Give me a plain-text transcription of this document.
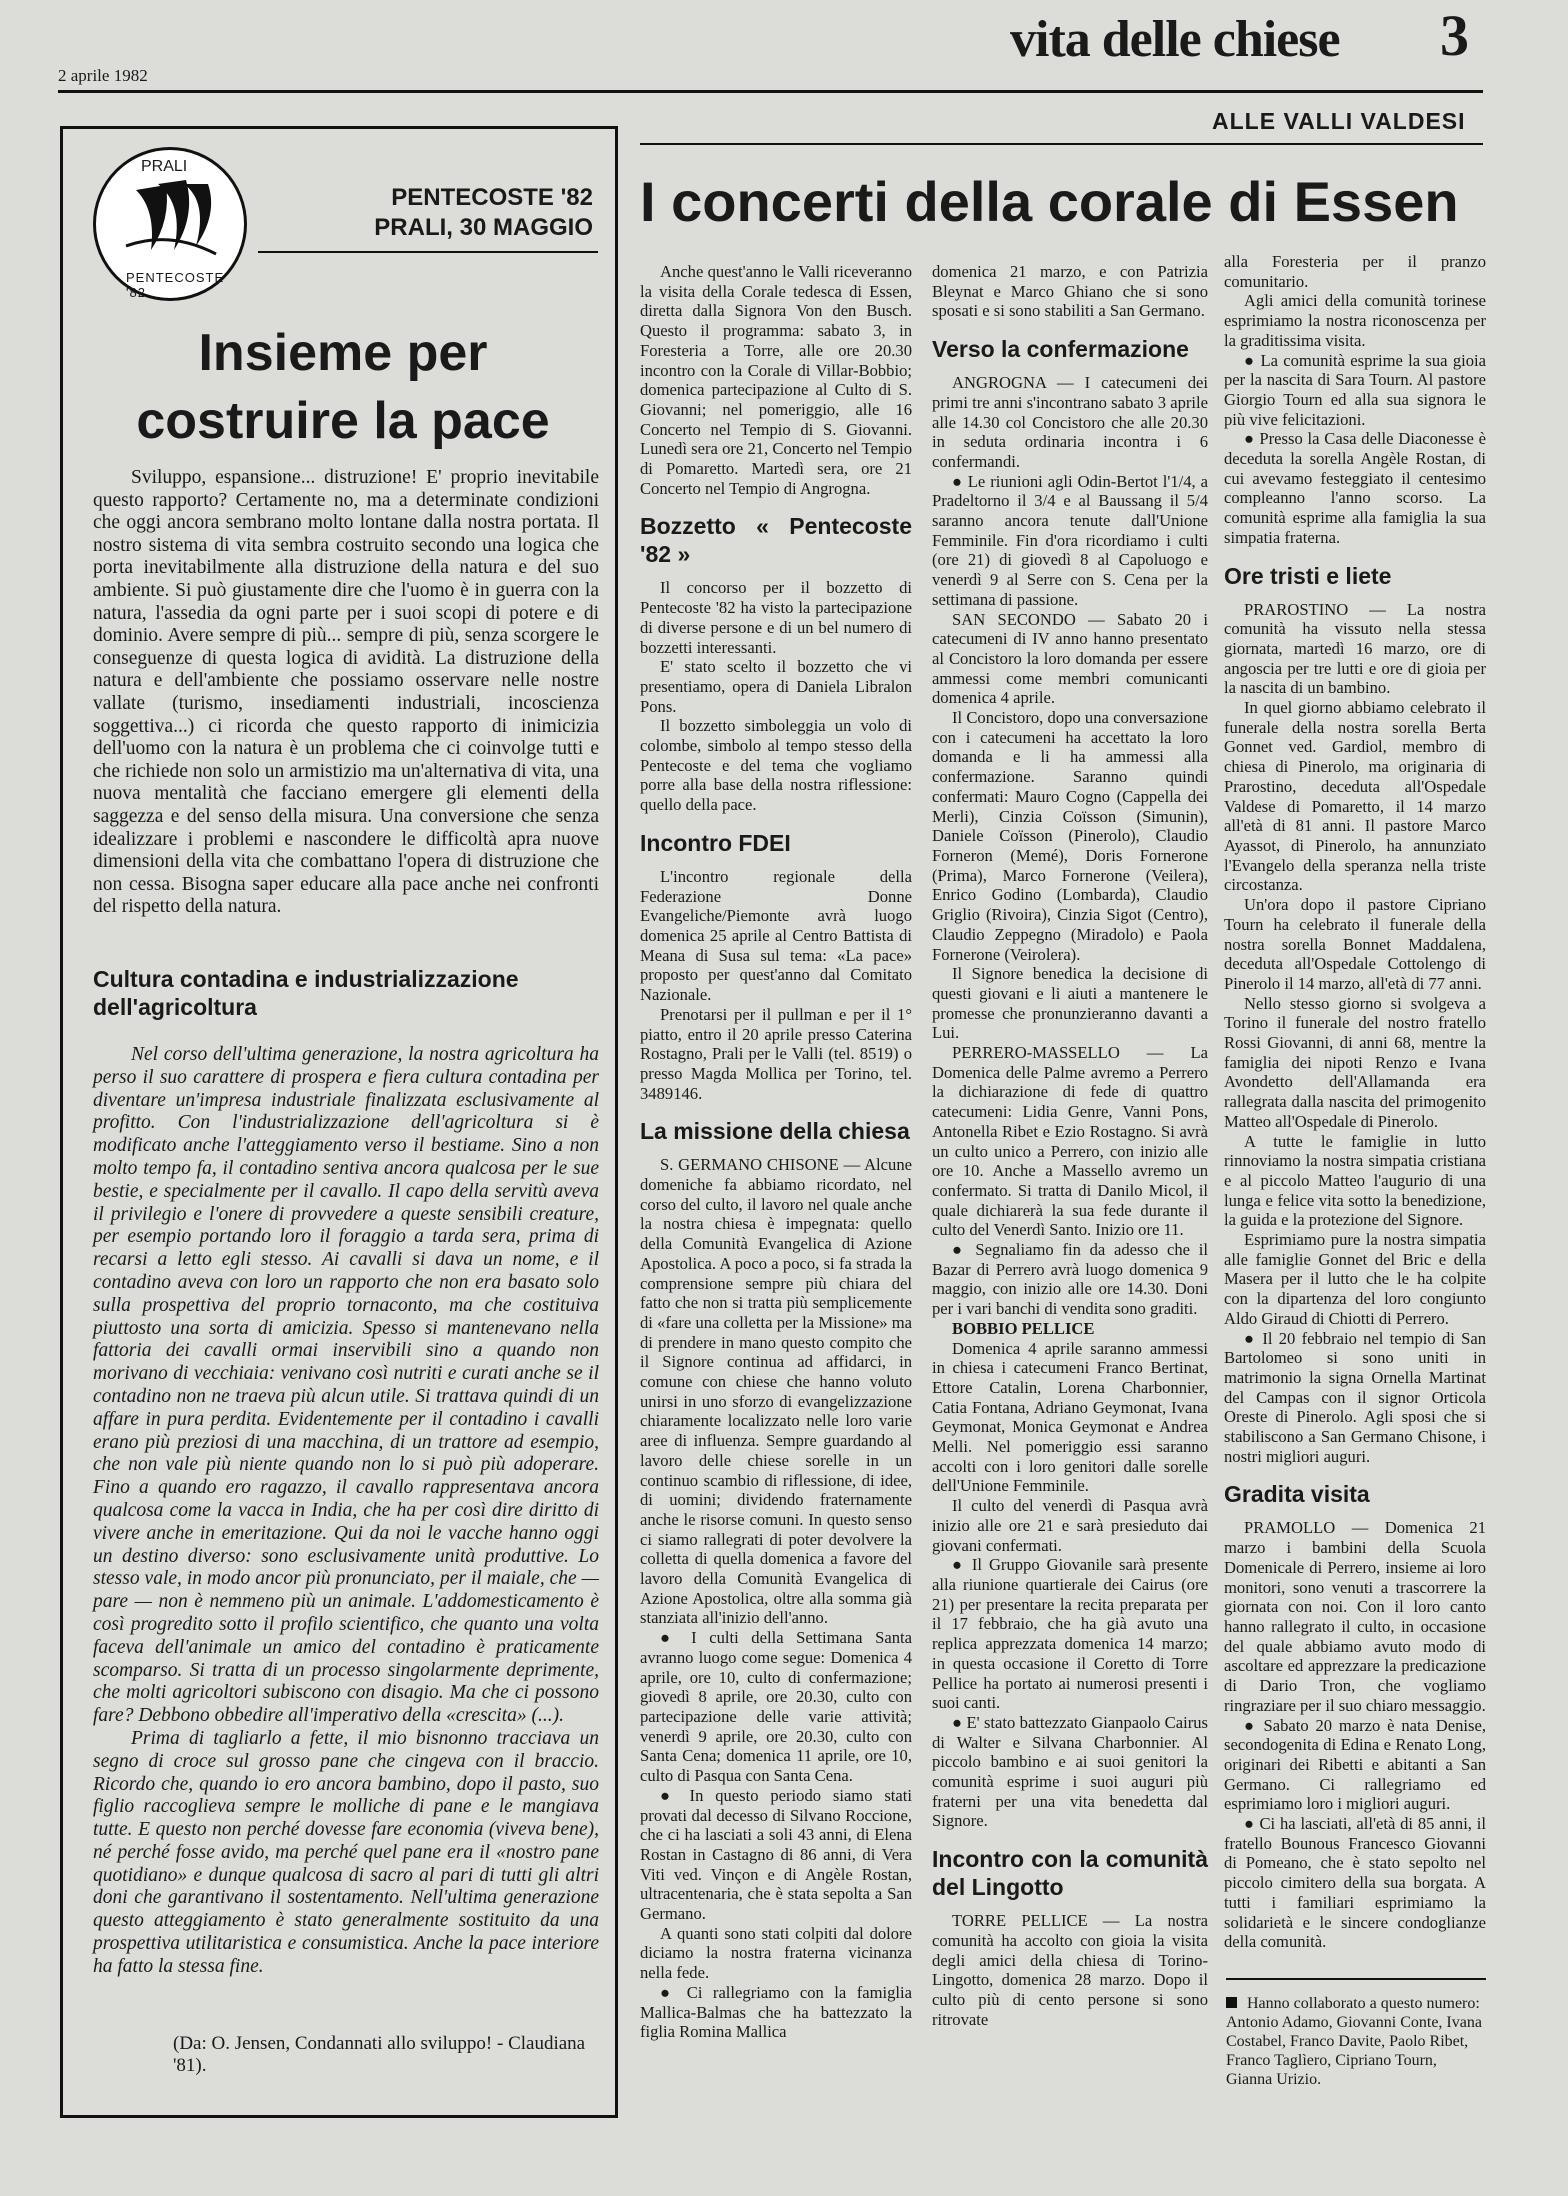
2 aprile 1982
vita delle chiese 3
ALLE VALLI VALDESI
PRALI
PENTECOSTE '82
PENTECOSTE '82
PRALI, 30 MAGGIO
Insieme per
costruire la pace

Sviluppo, espansione... distruzione! E' proprio inevitabile questo rapporto? Certamente no, ma a determinate condizioni che oggi ancora sembrano molto lontane dalla nostra portata. Il nostro sistema di vita sembra costruito secondo una logica che porta inevitabilmente alla distruzione della natura e del suo ambiente. Si può giustamente dire che l'uomo è in guerra con la natura, l'assedia da ogni parte per i suoi scopi di potere e di dominio. Avere sempre di più... sempre di più, senza scorgere le conseguenze di questa logica di avidità. La distruzione della natura e dell'ambiente che possiamo osservare nelle nostre vallate (turismo, insediamenti industriali, incoscienza soggettiva...) ci ricorda che questo rapporto di inimicizia dell'uomo con la natura è un problema che ci coinvolge tutti e che richiede non solo un armistizio ma un'alternativa di vita, una nuova mentalità che facciano emergere gli elementi della saggezza e del senso della misura. Una conversione che senza idealizzare i problemi e nascondere le difficoltà apra nuove dimensioni della vita che combattano l'opera di distruzione che non cessa. Bisogna saper educare alla pace anche nei confronti del rispetto della natura.

Cultura contadina e industrializzazione dell'agricoltura

Nel corso dell'ultima generazione, la nostra agricoltura ha perso il suo carattere di prospera e fiera cultura contadina per diventare un'impresa industriale finalizzata esclusivamente al profitto. Con l'industrializzazione dell'agricoltura si è modificato anche l'atteggiamento verso il bestiame. Sino a non molto tempo fa, il contadino sentiva ancora qualcosa per le sue bestie, e specialmente per il cavallo. Il capo della servitù aveva il privilegio e l'onere di provvedere a queste sensibili creature, per esempio portando loro il foraggio a tarda sera, prima di recarsi a letto egli stesso. Ai cavalli si dava un nome, e il contadino aveva con loro un rapporto che non era basato solo sulla prospettiva del proprio tornaconto, ma che costituiva piuttosto una sorta di amicizia. Spesso si mantenevano nella fattoria dei cavalli ormai inservibili sino a quando non morivano di vecchiaia: venivano così nutriti e curati anche se il contadino non ne traeva più alcun utile. Si trattava quindi di un affare in pura perdita. Evidentemente per il contadino i cavalli erano più preziosi di una macchina, di un trattore ad esempio, che non vale più niente quando non lo si può più adoperare. Fino a quando ero ragazzo, il cavallo rappresentava ancora qualcosa come la vacca in India, che ha per così dire diritto di vivere anche in emeritazione. Qui da noi le vacche hanno oggi un destino diverso: sono esclusivamente unità produttive. Lo stesso vale, in modo ancor più pronunciato, per il maiale, che — pare — non è nemmeno più un animale. L'addomesticamento è così progredito sotto il profilo scientifico, che quanto una volta faceva dell'animale un amico del contadino è praticamente scomparso. Si tratta di un processo singolarmente deprimente, che molti agricoltori subiscono con disagio. Ma che ci possono fare? Debbono obbedire all'imperativo della «crescita» (...).

Prima di tagliarlo a fette, il mio bisnonno tracciava un segno di croce sul grosso pane che cingeva con il braccio. Ricordo che, quando io ero ancora bambino, dopo il pasto, suo figlio raccoglieva sempre le molliche di pane e le mangiava tutte. E questo non perché dovesse fare economia (viveva bene), né perché fosse avido, ma perché quel pane era il «nostro pane quotidiano» e dunque qualcosa di sacro al pari di tutti gli altri doni che garantivano il sostentamento. Nell'ultima generazione questo atteggiamento è stato generalmente sostituito da una prospettiva utilitaristica e consumistica. Anche la pace interiore ha fatto la stessa fine.

(Da: O. Jensen, Condannati allo sviluppo! - Claudiana '81).
I concerti della corale di Essen

Anche quest'anno le Valli riceveranno la visita della Corale tedesca di Essen, diretta dalla Signora Von den Busch. Questo il programma: sabato 3, in Foresteria a Torre, alle ore 20.30 incontro con la Corale di Villar-Bobbio; domenica partecipazione al Culto di S. Giovanni; nel pomeriggio, alle 16 Concerto nel Tempio di S. Giovanni. Lunedì sera ore 21, Concerto nel Tempio di Pomaretto. Martedì sera, ore 21 Concerto nel Tempio di Angrogna.

Bozzetto « Pentecoste '82 »

Il concorso per il bozzetto di Pentecoste '82 ha visto la partecipazione di diverse persone e di un bel numero di bozzetti interessanti.

E' stato scelto il bozzetto che vi presentiamo, opera di Daniela Libralon Pons.

Il bozzetto simboleggia un volo di colombe, simbolo al tempo stesso della Pentecoste e del tema che vogliamo porre alla base della nostra riflessione: quello della pace.

Incontro FDEI

L'incontro regionale della Federazione Donne Evangeliche/Piemonte avrà luogo domenica 25 aprile al Centro Battista di Meana di Susa sul tema: «La pace» proposto per quest'anno dal Comitato Nazionale.

Prenotarsi per il pullman e per il 1° piatto, entro il 20 aprile presso Caterina Rostagno, Prali per le Valli (tel. 8519) o presso Magda Mollica per Torino, tel. 3489146.

La missione della chiesa

S. GERMANO CHISONE — Alcune domeniche fa abbiamo ricordato, nel corso del culto, il lavoro nel quale anche la nostra chiesa è impegnata: quello della Comunità Evangelica di Azione Apostolica. A poco a poco, si fa strada la comprensione sempre più chiara del fatto che non si tratta più semplicemente di «fare una colletta per la Missione» ma di prendere in mano questo compito che il Signore continua ad affidarci, in comune con chiese che hanno voluto unirsi in uno sforzo di evangelizzazione chiaramente localizzato nelle loro varie aree di influenza. Sempre guardando al lavoro delle chiese sorelle in un continuo scambio di riflessione, di idee, di uomini; dividendo fraternamente anche le risorse comuni. In questo senso ci siamo rallegrati di poter devolvere la colletta di quella domenica a favore del lavoro della Comunità Evangelica di Azione Apostolica, oltre alla somma già stanziata all'inizio dell'anno.

● I culti della Settimana Santa avranno luogo come segue: Domenica 4 aprile, ore 10, culto di confermazione; giovedì 8 aprile, ore 20.30, culto con partecipazione delle varie attività; venerdì 9 aprile, ore 20.30, culto con Santa Cena; domenica 11 aprile, ore 10, culto di Pasqua con Santa Cena.

● In questo periodo siamo stati provati dal decesso di Silvano Roccione, che ci ha lasciati a soli 43 anni, di Elena Rostan in Castagno di 86 anni, di Vera Viti ved. Vinçon e di Angèle Rostan, ultracentenaria, che è stata sepolta a San Germano.

A quanti sono stati colpiti dal dolore diciamo la nostra fraterna vicinanza nella fede.

● Ci rallegriamo con la famiglia Mallica-Balmas che ha battezzato la figlia Romina Mallica

domenica 21 marzo, e con Patrizia Bleynat e Marco Ghiano che si sono sposati e si sono stabiliti a San Germano.

Verso la confermazione

ANGROGNA — I catecumeni dei primi tre anni s'incontrano sabato 3 aprile alle 14.30 col Concistoro che alle 20.30 in seduta ordinaria incontra i 6 confermandi.

● Le riunioni agli Odin-Bertot l'1/4, a Pradeltorno il 3/4 e al Baussang il 5/4 saranno ancora tenute dall'Unione Femminile. Fin d'ora ricordiamo i culti (ore 21) di giovedì 8 al Capoluogo e venerdì 9 al Serre con S. Cena per la settimana di passione.

SAN SECONDO — Sabato 20 i catecumeni di IV anno hanno presentato al Concistoro la loro domanda per essere ammessi come membri comunicanti domenica 4 aprile.

Il Concistoro, dopo una conversazione con i catecumeni ha accettato la loro domanda e li ha ammessi alla confermazione. Saranno quindi confermati: Mauro Cogno (Cappella dei Merli), Cinzia Coïsson (Simunin), Daniele Coïsson (Pinerolo), Claudio Forneron (Memé), Doris Fornerone (Prima), Marco Fornerone (Veilera), Enrico Godino (Lombarda), Claudio Griglio (Rivoira), Cinzia Sigot (Centro), Claudio Zeppegno (Miradolo) e Paola Fornerone (Veirolera).

Il Signore benedica la decisione di questi giovani e li aiuti a mantenere le promesse che pronunzieranno davanti a Lui.

PERRERO-MASSELLO — La Domenica delle Palme avremo a Perrero la dichiarazione di fede di quattro catecumeni: Lidia Genre, Vanni Pons, Antonella Ribet e Ezio Rostagno. Si avrà un culto unico a Perrero, con inizio alle ore 10. Anche a Massello avremo un confermato. Si tratta di Danilo Micol, il quale dichiarerà la sua fede durante il culto del Venerdì Santo. Inizio ore 11.

● Segnaliamo fin da adesso che il Bazar di Perrero avrà luogo domenica 9 maggio, con inizio alle ore 14.30. Doni per i vari banchi di vendita sono graditi.

BOBBIO PELLICE

Domenica 4 aprile saranno ammessi in chiesa i catecumeni Franco Bertinat, Ettore Catalin, Lorena Charbonnier, Catia Fontana, Adriano Geymonat, Ivana Geymonat, Monica Geymonat e Andrea Melli. Nel pomeriggio essi saranno accolti con i loro genitori dalle sorelle dell'Unione Femminile.

Il culto del venerdì di Pasqua avrà inizio alle ore 21 e sarà presieduto dai giovani confermati.

● Il Gruppo Giovanile sarà presente alla riunione quartierale dei Cairus (ore 21) per presentare la recita preparata per il 17 febbraio, che ha già avuto una replica apprezzata domenica 14 marzo; in questa occasione il Coretto di Torre Pellice ha portato ai numerosi presenti i suoi canti.

● E' stato battezzato Gianpaolo Cairus di Walter e Silvana Charbonnier. Al piccolo bambino e ai suoi genitori la comunità esprime i suoi auguri più fraterni per una vita benedetta dal Signore.

Incontro con la comunità del Lingotto

TORRE PELLICE — La nostra comunità ha accolto con gioia la visita degli amici della chiesa di Torino-Lingotto, domenica 28 marzo. Dopo il culto più di cento persone si sono ritrovate

alla Foresteria per il pranzo comunitario.

Agli amici della comunità torinese esprimiamo la nostra riconoscenza per la graditissima visita.

● La comunità esprime la sua gioia per la nascita di Sara Tourn. Al pastore Giorgio Tourn ed alla sua signora le più vive felicitazioni.

● Presso la Casa delle Diaconesse è deceduta la sorella Angèle Rostan, di cui avevamo festeggiato il centesimo compleanno l'anno scorso. La comunità esprime alla famiglia la sua simpatia fraterna.

Ore tristi e liete

PRAROSTINO — La nostra comunità ha vissuto nella stessa giornata, martedì 16 marzo, ore di angoscia per tre lutti e ore di gioia per la nascita di un bambino.

In quel giorno abbiamo celebrato il funerale della nostra sorella Berta Gonnet ved. Gardiol, membro di chiesa di Pinerolo, ma originaria di Prarostino, deceduta all'Ospedale Valdese di Pomaretto, il 14 marzo all'età di 81 anni. Il pastore Marco Ayassot, di Pinerolo, ha annunziato l'Evangelo della speranza nella triste circostanza.

Un'ora dopo il pastore Cipriano Tourn ha celebrato il funerale della nostra sorella Bonnet Maddalena, deceduta all'Ospedale Cottolengo di Pinerolo il 14 marzo, all'età di 77 anni.

Nello stesso giorno si svolgeva a Torino il funerale del nostro fratello Rossi Giovanni, di anni 68, mentre la famiglia dei nipoti Renzo e Ivana Avondetto dell'Allamanda era rallegrata dalla nascita del primogenito Matteo all'Ospedale di Pinerolo.

A tutte le famiglie in lutto rinnoviamo la nostra simpatia cristiana e al piccolo Matteo l'augurio di una lunga e felice vita sotto la benedizione, la guida e la protezione del Signore.

Esprimiamo pure la nostra simpatia alle famiglie Gonnet del Bric e della Masera per il lutto che le ha colpite con la dipartenza del loro congiunto Aldo Giraud di Chiotti di Perrero.

● Il 20 febbraio nel tempio di San Bartolomeo si sono uniti in matrimonio la signa Ornella Martinat del Campas con il signor Orticola Oreste di Pinerolo. Agli sposi che si stabiliscono a San Germano Chisone, i nostri migliori auguri.

Gradita visita

PRAMOLLO — Domenica 21 marzo i bambini della Scuola Domenicale di Perrero, insieme ai loro monitori, sono venuti a trascorrere la giornata con noi. Con il loro canto hanno rallegrato il culto, in occasione del quale abbiamo avuto modo di ascoltare ed apprezzare la predicazione di Dario Tron, che vogliamo ringraziare per il suo chiaro messaggio.

● Sabato 20 marzo è nata Denise, secondogenita di Edina e Renato Long, originari dei Ribetti e abitanti a San Germano. Ci rallegriamo ed esprimiamo loro i migliori auguri.

● Ci ha lasciati, all'età di 85 anni, il fratello Bounous Francesco Giovanni di Pomeano, che è stato sepolto nel piccolo cimitero della sua borgata. A tutti i familiari esprimiamo la solidarietà e le sincere condoglianze della comunità.

Hanno collaborato a questo numero: Antonio Adamo, Giovanni Conte, Ivana Costabel, Franco Davite, Paolo Ribet, Franco Taglìero, Cipriano Tourn, Gianna Urizio.
